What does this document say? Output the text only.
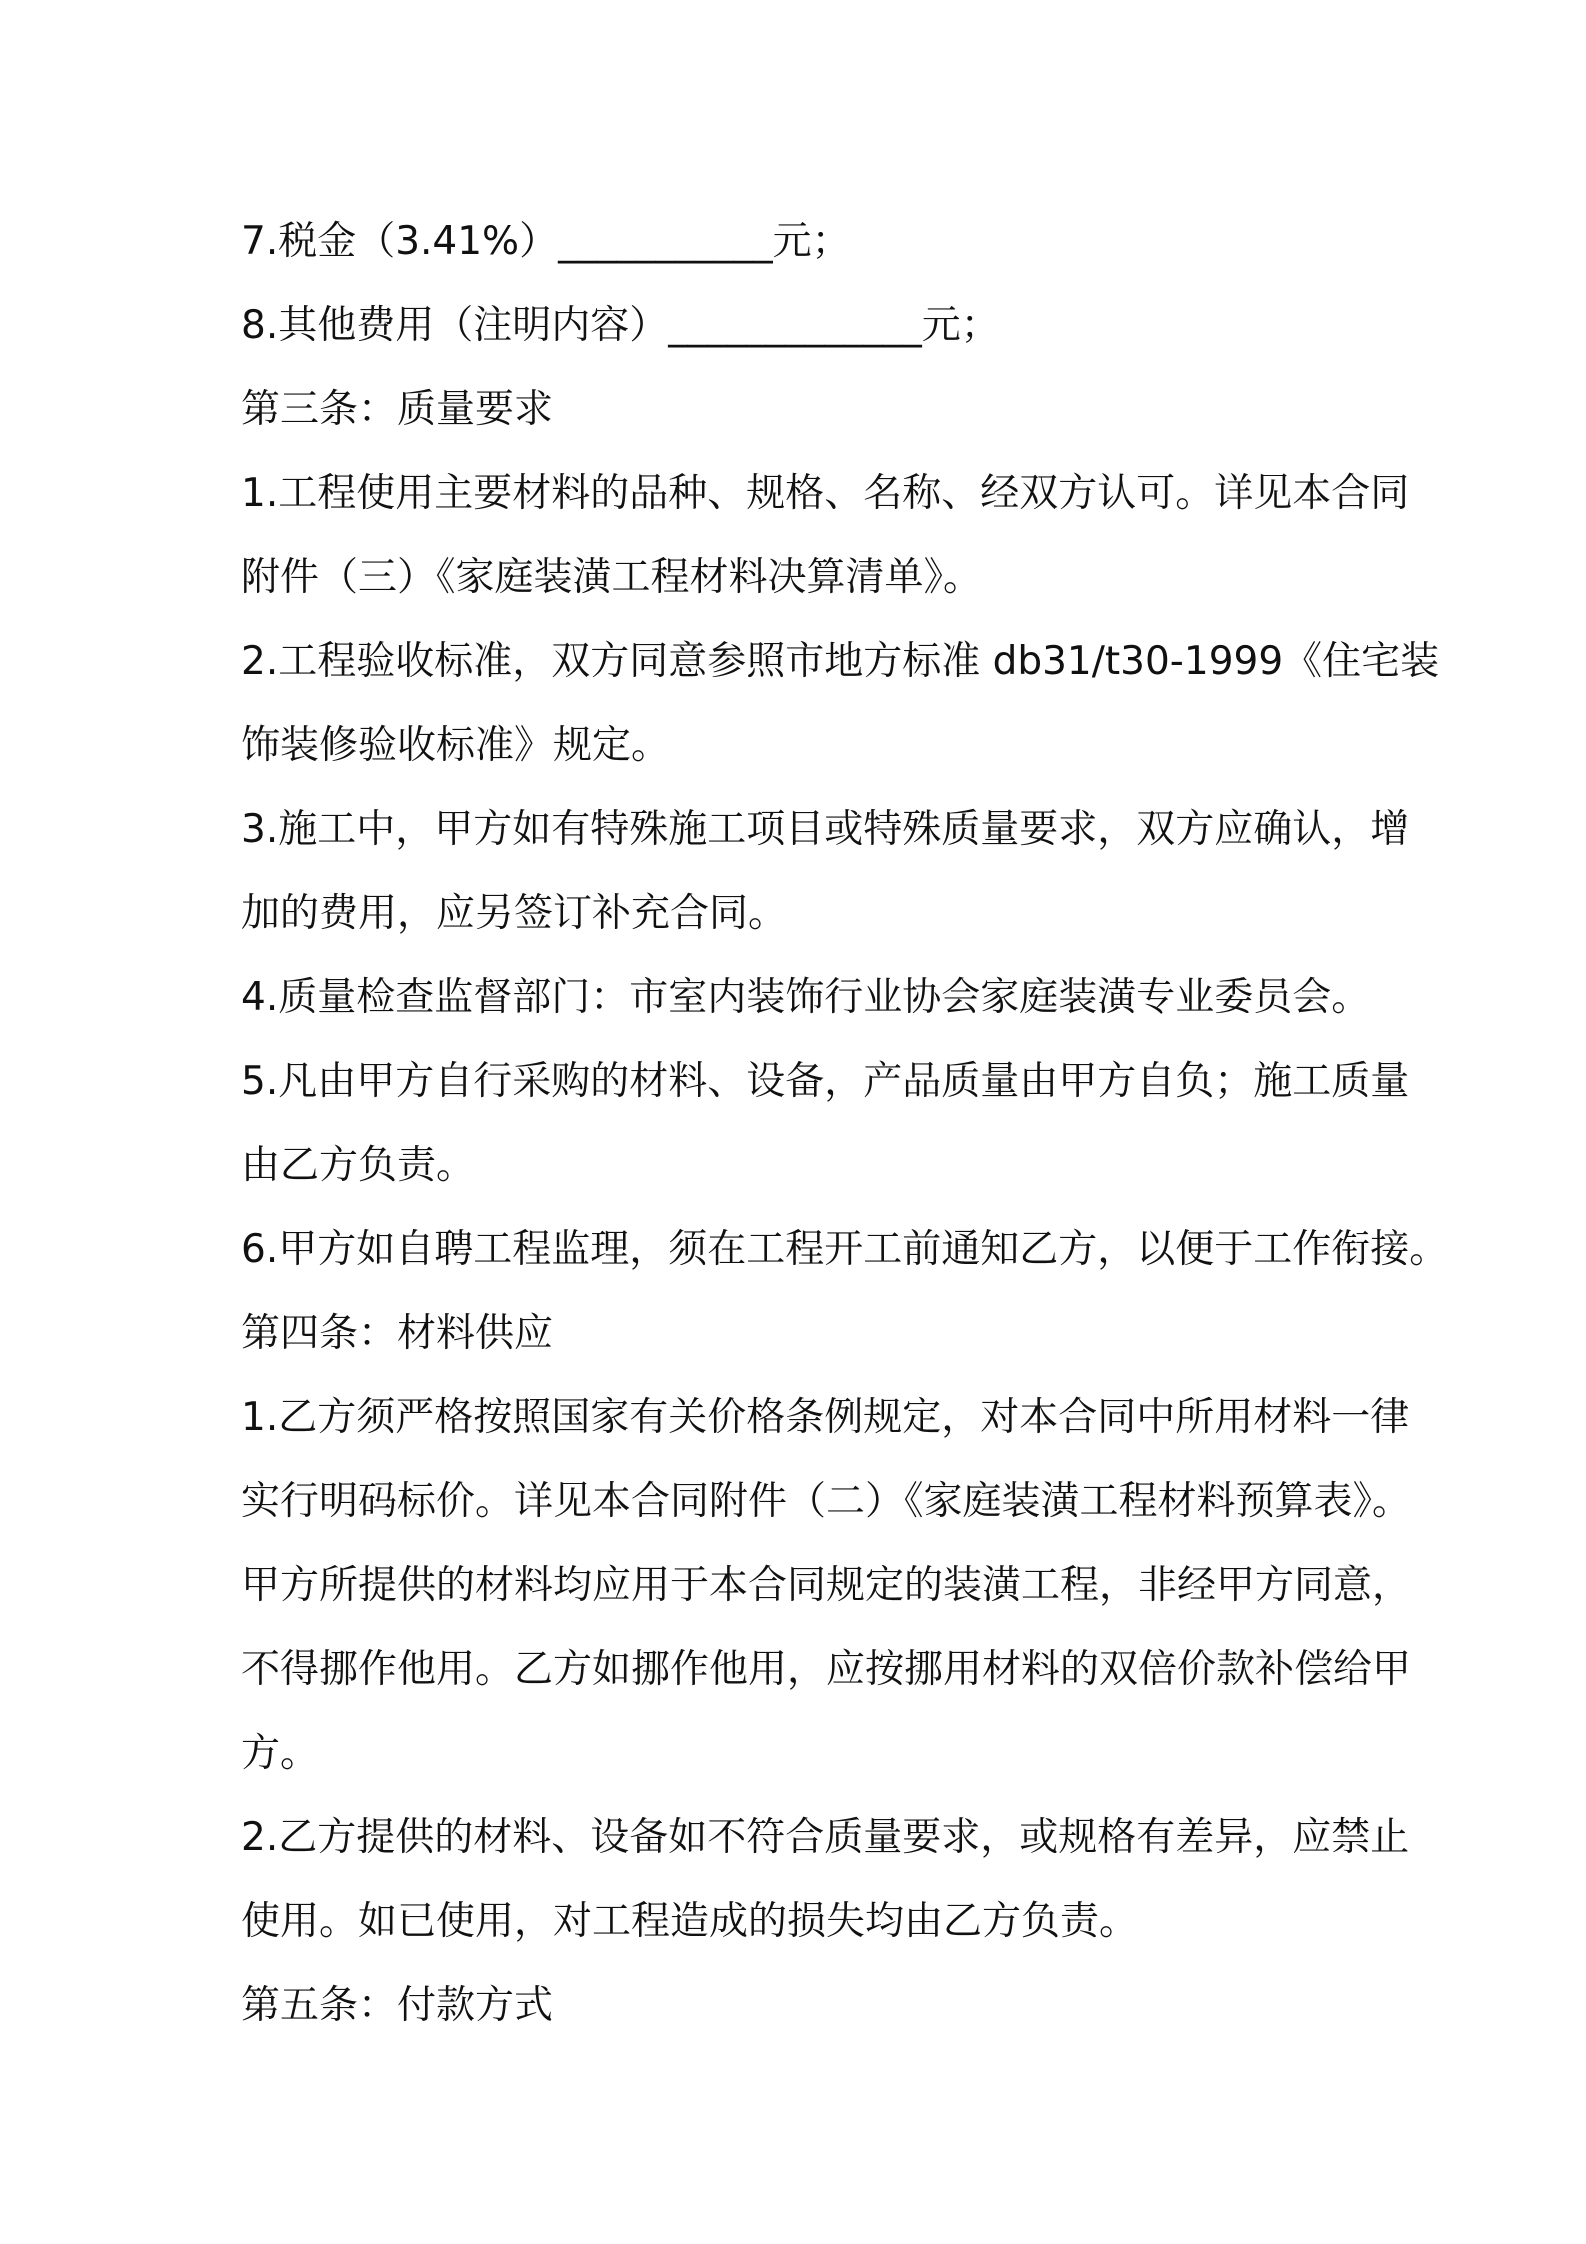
7.税金（3.41%）___________元；
8.其他费用（注明内容）_____________元；
第三条：质量要求
1.工程使用主要材料的品种、规格、名称、经双方认可。详见本合同
附件（三）《家庭装潢工程材料决算清单》。
2.工程验收标准，双方同意参照市地方标准 db31/t30-1999《住宅装
饰装修验收标准》规定。
3.施工中，甲方如有特殊施工项目或特殊质量要求，双方应确认，增
加的费用，应另签订补充合同。
4.质量检查监督部门：市室内装饰行业协会家庭装潢专业委员会。
5.凡由甲方自行采购的材料、设备，产品质量由甲方自负；施工质量
由乙方负责。
6.甲方如自聘工程监理，须在工程开工前通知乙方，以便于工作衔接。
第四条：材料供应
1.乙方须严格按照国家有关价格条例规定，对本合同中所用材料一律
实行明码标价。详见本合同附件（二）《家庭装潢工程材料预算表》。
甲方所提供的材料均应用于本合同规定的装潢工程，非经甲方同意，
不得挪作他用。乙方如挪作他用，应按挪用材料的双倍价款补偿给甲
方。
2.乙方提供的材料、设备如不符合质量要求，或规格有差异，应禁止
使用。如已使用，对工程造成的损失均由乙方负责。
第五条：付款方式
